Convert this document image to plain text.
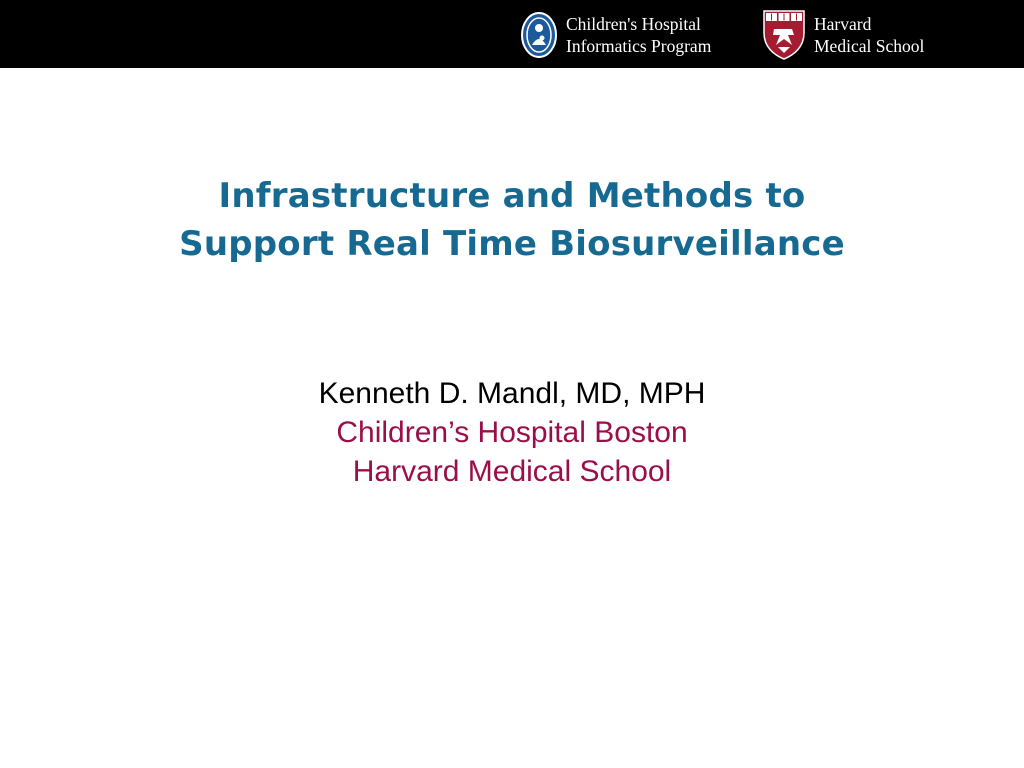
Children's Hospital
Informatics Program
Harvard
Medical School
Infrastructure and Methods to
Support Real Time Biosurveillance
Kenneth D. Mandl, MD, MPH
Children’s Hospital Boston
Harvard Medical School
